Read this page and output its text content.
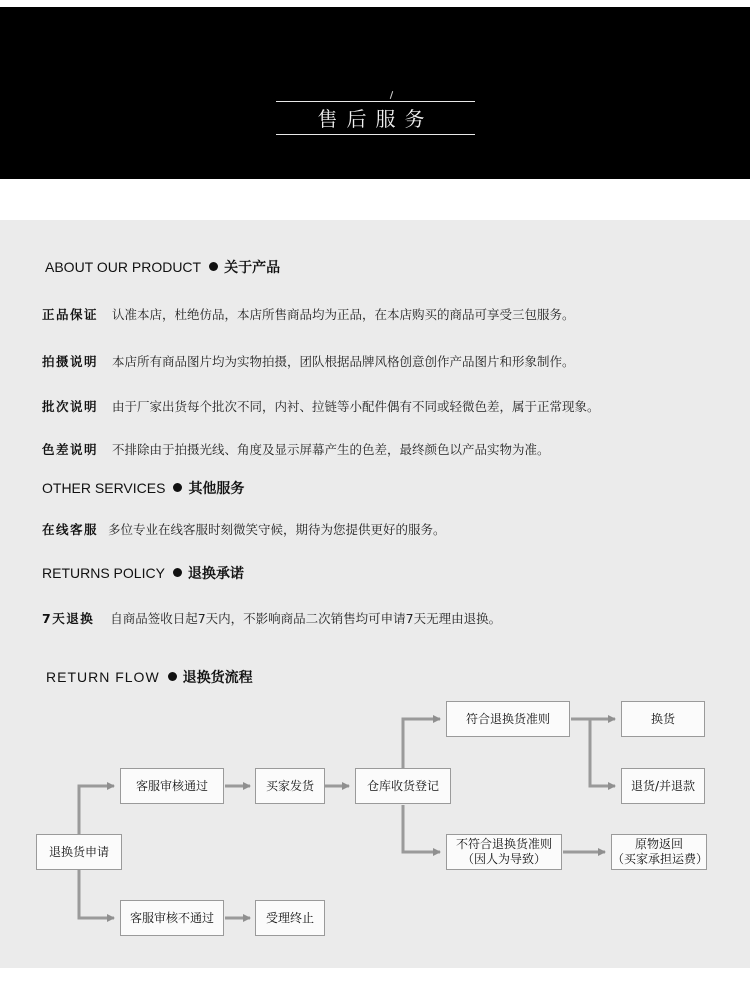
售后服务
ABOUT OUR PRODUCT 关于产品
正品保证 认准本店，杜绝仿品，本店所售商品均为正品，在本店购买的商品可享受三包服务。
拍摄说明 本店所有商品图片均为实物拍摄，团队根据品牌风格创意创作产品图片和形象制作。
批次说明 由于厂家出货每个批次不同，内衬、拉链等小配件偶有不同或轻微色差，属于正常现象。
色差说明 不排除由于拍摄光线、角度及显示屏幕产生的色差，最终颜色以产品实物为准。
OTHER SERVICES 其他服务
在线客服 多位专业在线客服时刻微笑守候，期待为您提供更好的服务。
RETURNS POLICY 退换承诺
7天退换 自商品签收日起7天内，不影响商品二次销售均可申请7天无理由退换。
RETURN FLOW 退换货流程
退换货申请
客服审核通过	买家发货	仓库收货登记
符合退换货准则	换货
退货/并退款
不符合退换货准则
（因人为导致）
原物返回
（买家承担运费）
客服审核不通过	受理终止
